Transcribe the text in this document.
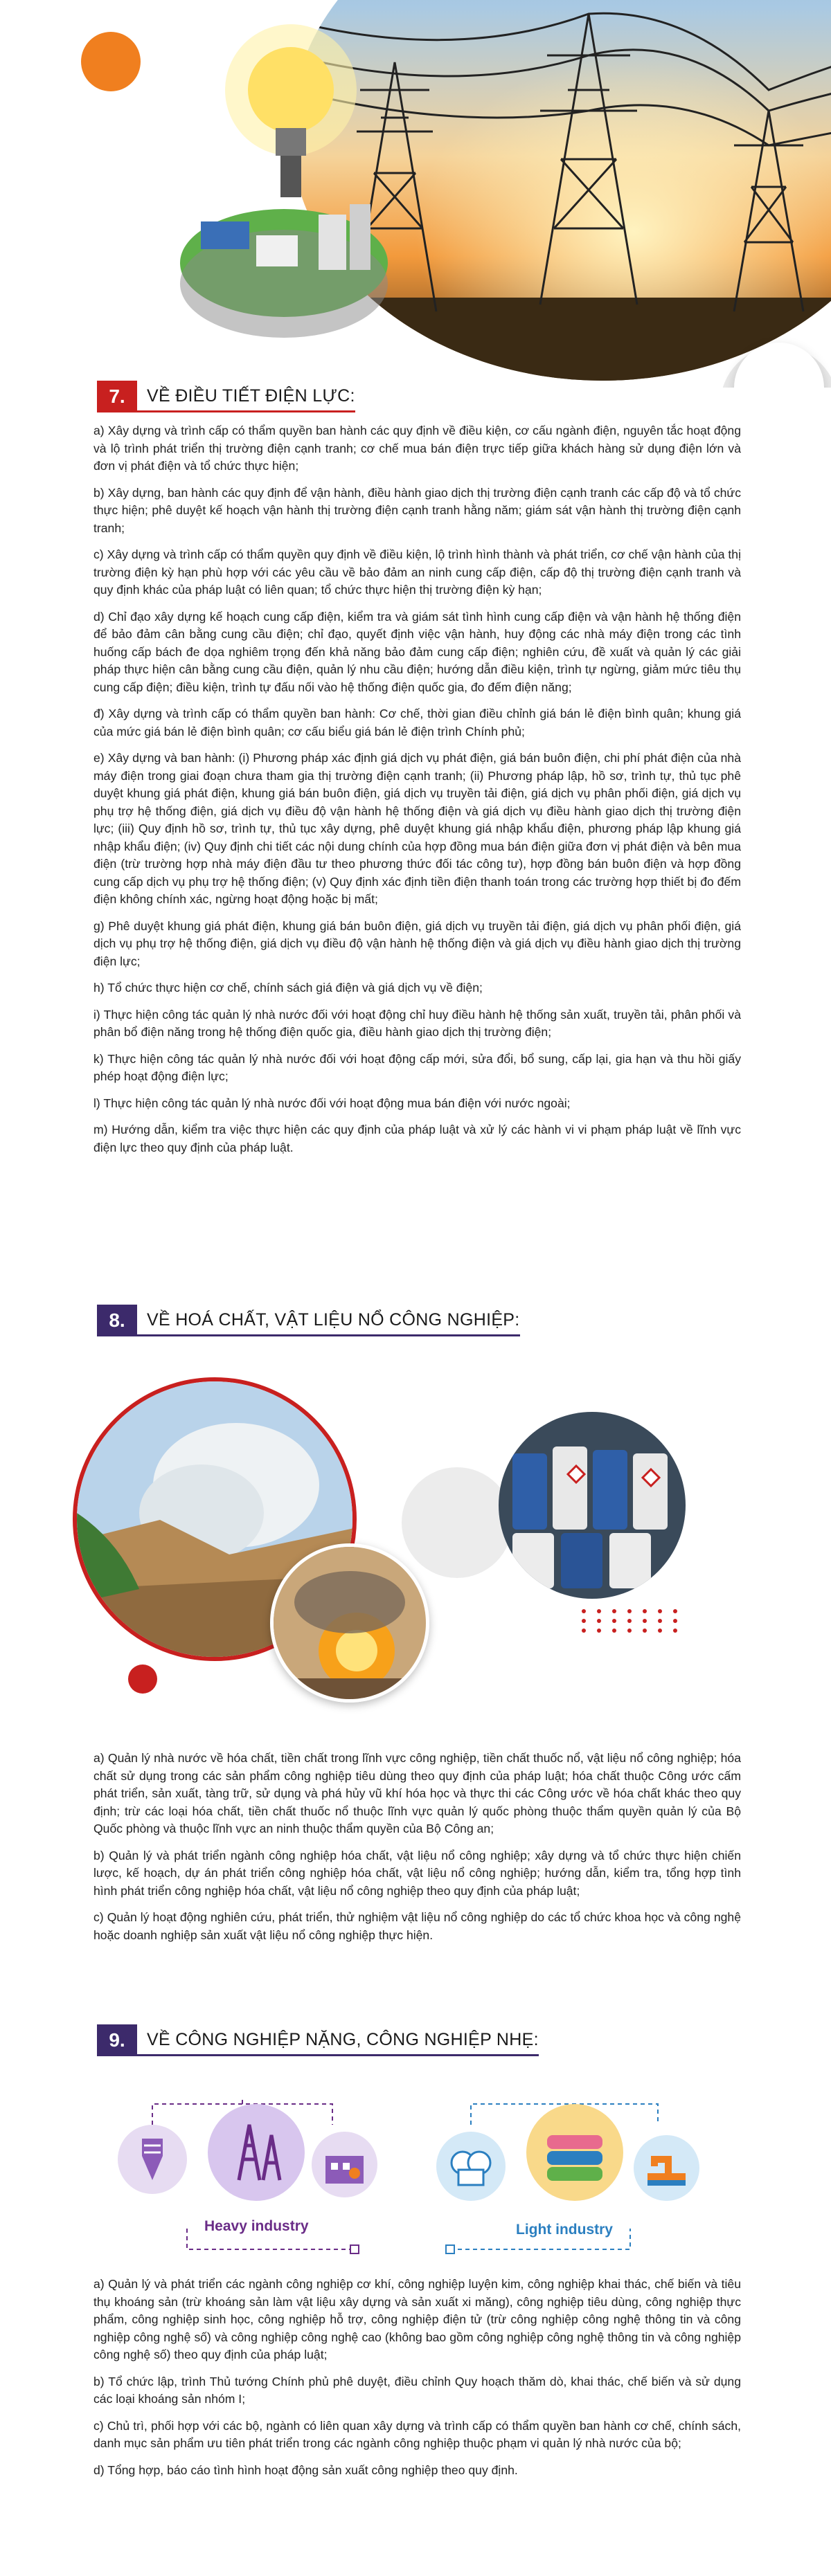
7.	VỀ ĐIỀU TIẾT ĐIỆN LỰC:

a) Xây dựng và trình cấp có thẩm quyền ban hành các quy định về điều kiện, cơ cấu ngành điện, nguyên tắc hoạt động và lộ trình phát triển thị trường điện cạnh tranh; cơ chế mua bán điện trực tiếp giữa khách hàng sử dụng điện lớn và đơn vị phát điện và tổ chức thực hiện;

b) Xây dựng, ban hành các quy định để vận hành, điều hành giao dịch thị trường điện cạnh tranh các cấp độ và tổ chức thực hiện; phê duyệt kế hoạch vận hành thị trường điện cạnh tranh hằng năm; giám sát vận hành thị trường điện cạnh tranh;

c) Xây dựng và trình cấp có thẩm quyền quy định về điều kiện, lộ trình hình thành và phát triển, cơ chế vận hành của thị trường điện kỳ hạn phù hợp với các yêu cầu về bảo đảm an ninh cung cấp điện, cấp độ thị trường điện cạnh tranh và quy định khác của pháp luật có liên quan; tổ chức thực hiện thị trường điện kỳ hạn;

d) Chỉ đạo xây dựng kế hoạch cung cấp điện, kiểm tra và giám sát tình hình cung cấp điện và vận hành hệ thống điện để bảo đảm cân bằng cung cầu điện; chỉ đạo, quyết định việc vận hành, huy động các nhà máy điện trong các tình huống cấp bách đe dọa nghiêm trọng đến khả năng bảo đảm cung cấp điện; nghiên cứu, đề xuất và quản lý các giải pháp thực hiện cân bằng cung cầu điện, quản lý nhu cầu điện; hướng dẫn điều kiện, trình tự ngừng, giảm mức tiêu thụ cung cấp điện; điều kiện, trình tự đấu nối vào hệ thống điện quốc gia, đo đếm điện năng;

đ) Xây dựng và trình cấp có thẩm quyền ban hành: Cơ chế, thời gian điều chỉnh giá bán lẻ điện bình quân; khung giá của mức giá bán lẻ điện bình quân; cơ cấu biểu giá bán lẻ điện trình Chính phủ;

e) Xây dựng và ban hành: (i) Phương pháp xác định giá dịch vụ phát điện, giá bán buôn điện, chi phí phát điện của nhà máy điện trong giai đoạn chưa tham gia thị trường điện cạnh tranh; (ii) Phương pháp lập, hồ sơ, trình tự, thủ tục phê duyệt khung giá phát điện, khung giá bán buôn điện, giá dịch vụ truyền tải điện, giá dịch vụ phân phối điện, giá dịch vụ phụ trợ hệ thống điện, giá dịch vụ điều độ vận hành hệ thống điện và giá dịch vụ điều hành giao dịch thị trường điện lực; (iii) Quy định hồ sơ, trình tự, thủ tục xây dựng, phê duyệt khung giá nhập khẩu điện, phương pháp lập khung giá nhập khẩu điện; (iv) Quy định chi tiết các nội dung chính của hợp đồng mua bán điện giữa đơn vị phát điện và bên mua điện (trừ trường hợp nhà máy điện đầu tư theo phương thức đối tác công tư), hợp đồng bán buôn điện và hợp đồng cung cấp dịch vụ phụ trợ hệ thống điện; (v) Quy định xác định tiền điện thanh toán trong các trường hợp thiết bị đo đếm điện không chính xác, ngừng hoạt động hoặc bị mất;

g) Phê duyệt khung giá phát điện, khung giá bán buôn điện, giá dịch vụ truyền tải điện, giá dịch vụ phân phối điện, giá dịch vụ phụ trợ hệ thống điện, giá dịch vụ điều độ vận hành hệ thống điện và giá dịch vụ điều hành giao dịch thị trường điện lực;

h) Tổ chức thực hiện cơ chế, chính sách giá điện và giá dịch vụ về điện;

i) Thực hiện công tác quản lý nhà nước đối với hoạt động chỉ huy điều hành hệ thống sản xuất, truyền tải, phân phối và phân bổ điện năng trong hệ thống điện quốc gia, điều hành giao dịch thị trường điện;

k) Thực hiện công tác quản lý nhà nước đối với hoạt động cấp mới, sửa đổi, bổ sung, cấp lại, gia hạn và thu hồi giấy phép hoạt động điện lực;

l) Thực hiện công tác quản lý nhà nước đối với hoạt động mua bán điện với nước ngoài;

m) Hướng dẫn, kiểm tra việc thực hiện các quy định của pháp luật và xử lý các hành vi vi phạm pháp luật về lĩnh vực điện lực theo quy định của pháp luật.

8.	VỀ HOÁ CHẤT, VẬT LIỆU NỔ CÔNG NGHIỆP:

a) Quản lý nhà nước về hóa chất, tiền chất trong lĩnh vực công nghiệp, tiền chất thuốc nổ, vật liệu nổ công nghiệp; hóa chất sử dụng trong các sản phẩm công nghiệp tiêu dùng theo quy định của pháp luật; hóa chất thuộc Công ước cấm phát triển, sản xuất, tàng trữ, sử dụng và phá hủy vũ khí hóa học và thực thi các Công ước về hóa chất khác theo quy định; trừ các loại hóa chất, tiền chất thuốc nổ thuộc lĩnh vực quản lý quốc phòng thuộc thẩm quyền quản lý của Bộ Quốc phòng và thuộc lĩnh vực an ninh thuộc thẩm quyền của Bộ Công an;

b) Quản lý và phát triển ngành công nghiệp hóa chất, vật liệu nổ công nghiệp; xây dựng và tổ chức thực hiện chiến lược, kế hoạch, dự án phát triển công nghiệp hóa chất, vật liệu nổ công nghiệp; hướng dẫn, kiểm tra, tổng hợp tình hình phát triển công nghiệp hóa chất, vật liệu nổ công nghiệp theo quy định của pháp luật;

c) Quản lý hoạt động nghiên cứu, phát triển, thử nghiệm vật liệu nổ công nghiệp do các tổ chức khoa học và công nghệ hoặc doanh nghiệp sản xuất vật liệu nổ công nghiệp thực hiện.

9.	VỀ CÔNG NGHIỆP NẶNG, CÔNG NGHIỆP NHẸ:
Heavy industry	Light industry

a) Quản lý và phát triển các ngành công nghiệp cơ khí, công nghiệp luyện kim, công nghiệp khai thác, chế biến và tiêu thụ khoáng sản (trừ khoáng sản làm vật liệu xây dựng và sản xuất xi măng), công nghiệp tiêu dùng, công nghiệp thực phẩm, công nghiệp sinh học, công nghiệp hỗ trợ, công nghiệp điện tử (trừ công nghiệp công nghệ thông tin và công nghiệp công nghệ số) và công nghiệp công nghệ cao (không bao gồm công nghiệp công nghệ thông tin và công nghiệp công nghệ số) theo quy định của pháp luật;

b) Tổ chức lập, trình Thủ tướng Chính phủ phê duyệt, điều chỉnh Quy hoạch thăm dò, khai thác, chế biến và sử dụng các loại khoáng sản nhóm I;

c) Chủ trì, phối hợp với các bộ, ngành có liên quan xây dựng và trình cấp có thẩm quyền ban hành cơ chế, chính sách, danh mục sản phẩm ưu tiên phát triển trong các ngành công nghiệp thuộc phạm vi quản lý nhà nước của bộ;

d) Tổng hợp, báo cáo tình hình hoạt động sản xuất công nghiệp theo quy định.
